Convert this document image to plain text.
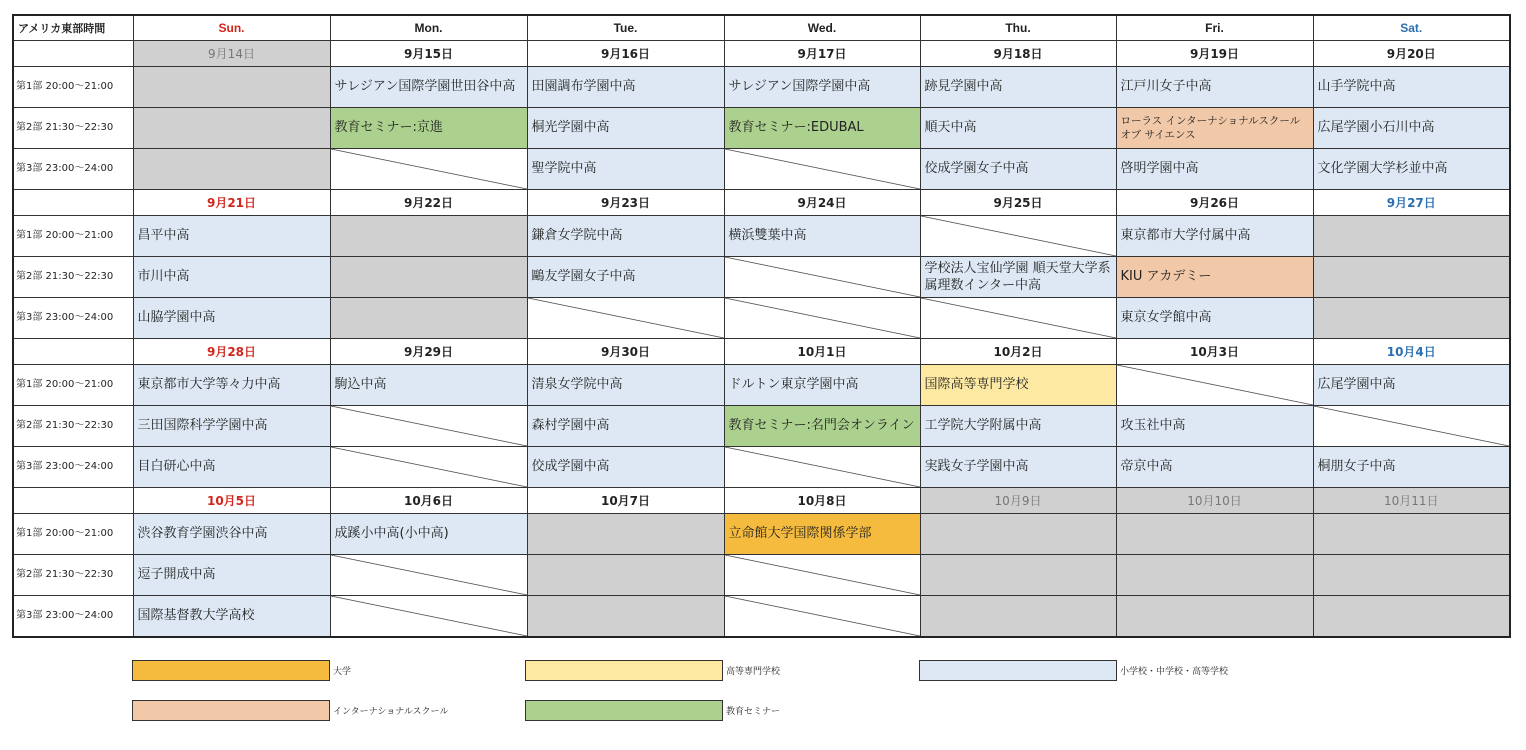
アメリカ東部時間	Sun.	Mon.	Tue.	Wed.	Thu.	Fri.	Sat.
	9月14日	9月15日	9月16日	9月17日	9月18日	9月19日	9月20日
第1部 20:00～21:00		サレジアン国際学園世田谷中高	田園調布学園中高	サレジアン国際学園中高	跡見学園中高	江戸川女子中高	山手学院中高
第2部 21:30～22:30		教育セミナー:京進	桐光学園中高	教育セミナー:EDUBAL	順天中高	ローラス インターナショナルスクール オブ サイエンス	広尾学園小石川中高
第3部 23:00～24:00			聖学院中高		佼成学園女子中高	啓明学園中高	文化学園大学杉並中高
	9月21日	9月22日	9月23日	9月24日	9月25日	9月26日	9月27日
第1部 20:00～21:00	昌平中高		鎌倉女学院中高	横浜雙葉中高		東京都市大学付属中高	
第2部 21:30～22:30	市川中高		鷗友学園女子中高		学校法人宝仙学園 順天堂大学系属理数インター中高	KIU アカデミー	
第3部 23:00～24:00	山脇学園中高					東京女学館中高	
	9月28日	9月29日	9月30日	10月1日	10月2日	10月3日	10月4日
第1部 20:00～21:00	東京都市大学等々力中高	駒込中高	清泉女学院中高	ドルトン東京学園中高	国際高等専門学校		広尾学園中高
第2部 21:30～22:30	三田国際科学学園中高		森村学園中高	教育セミナー:名門会オンライン	工学院大学附属中高	攻玉社中高	
第3部 23:00～24:00	目白研心中高		佼成学園中高		実践女子学園中高	帝京中高	桐朋女子中高
	10月5日	10月6日	10月7日	10月8日	10月9日	10月10日	10月11日
第1部 20:00～21:00	渋谷教育学園渋谷中高	成蹊小中高(小中高)		立命館大学国際関係学部			
第2部 21:30～22:30	逗子開成中高						
第3部 23:00～24:00	国際基督教大学高校						
大学	高等専門学校	小学校・中学校・高等学校
インターナショナルスクール	教育セミナー
